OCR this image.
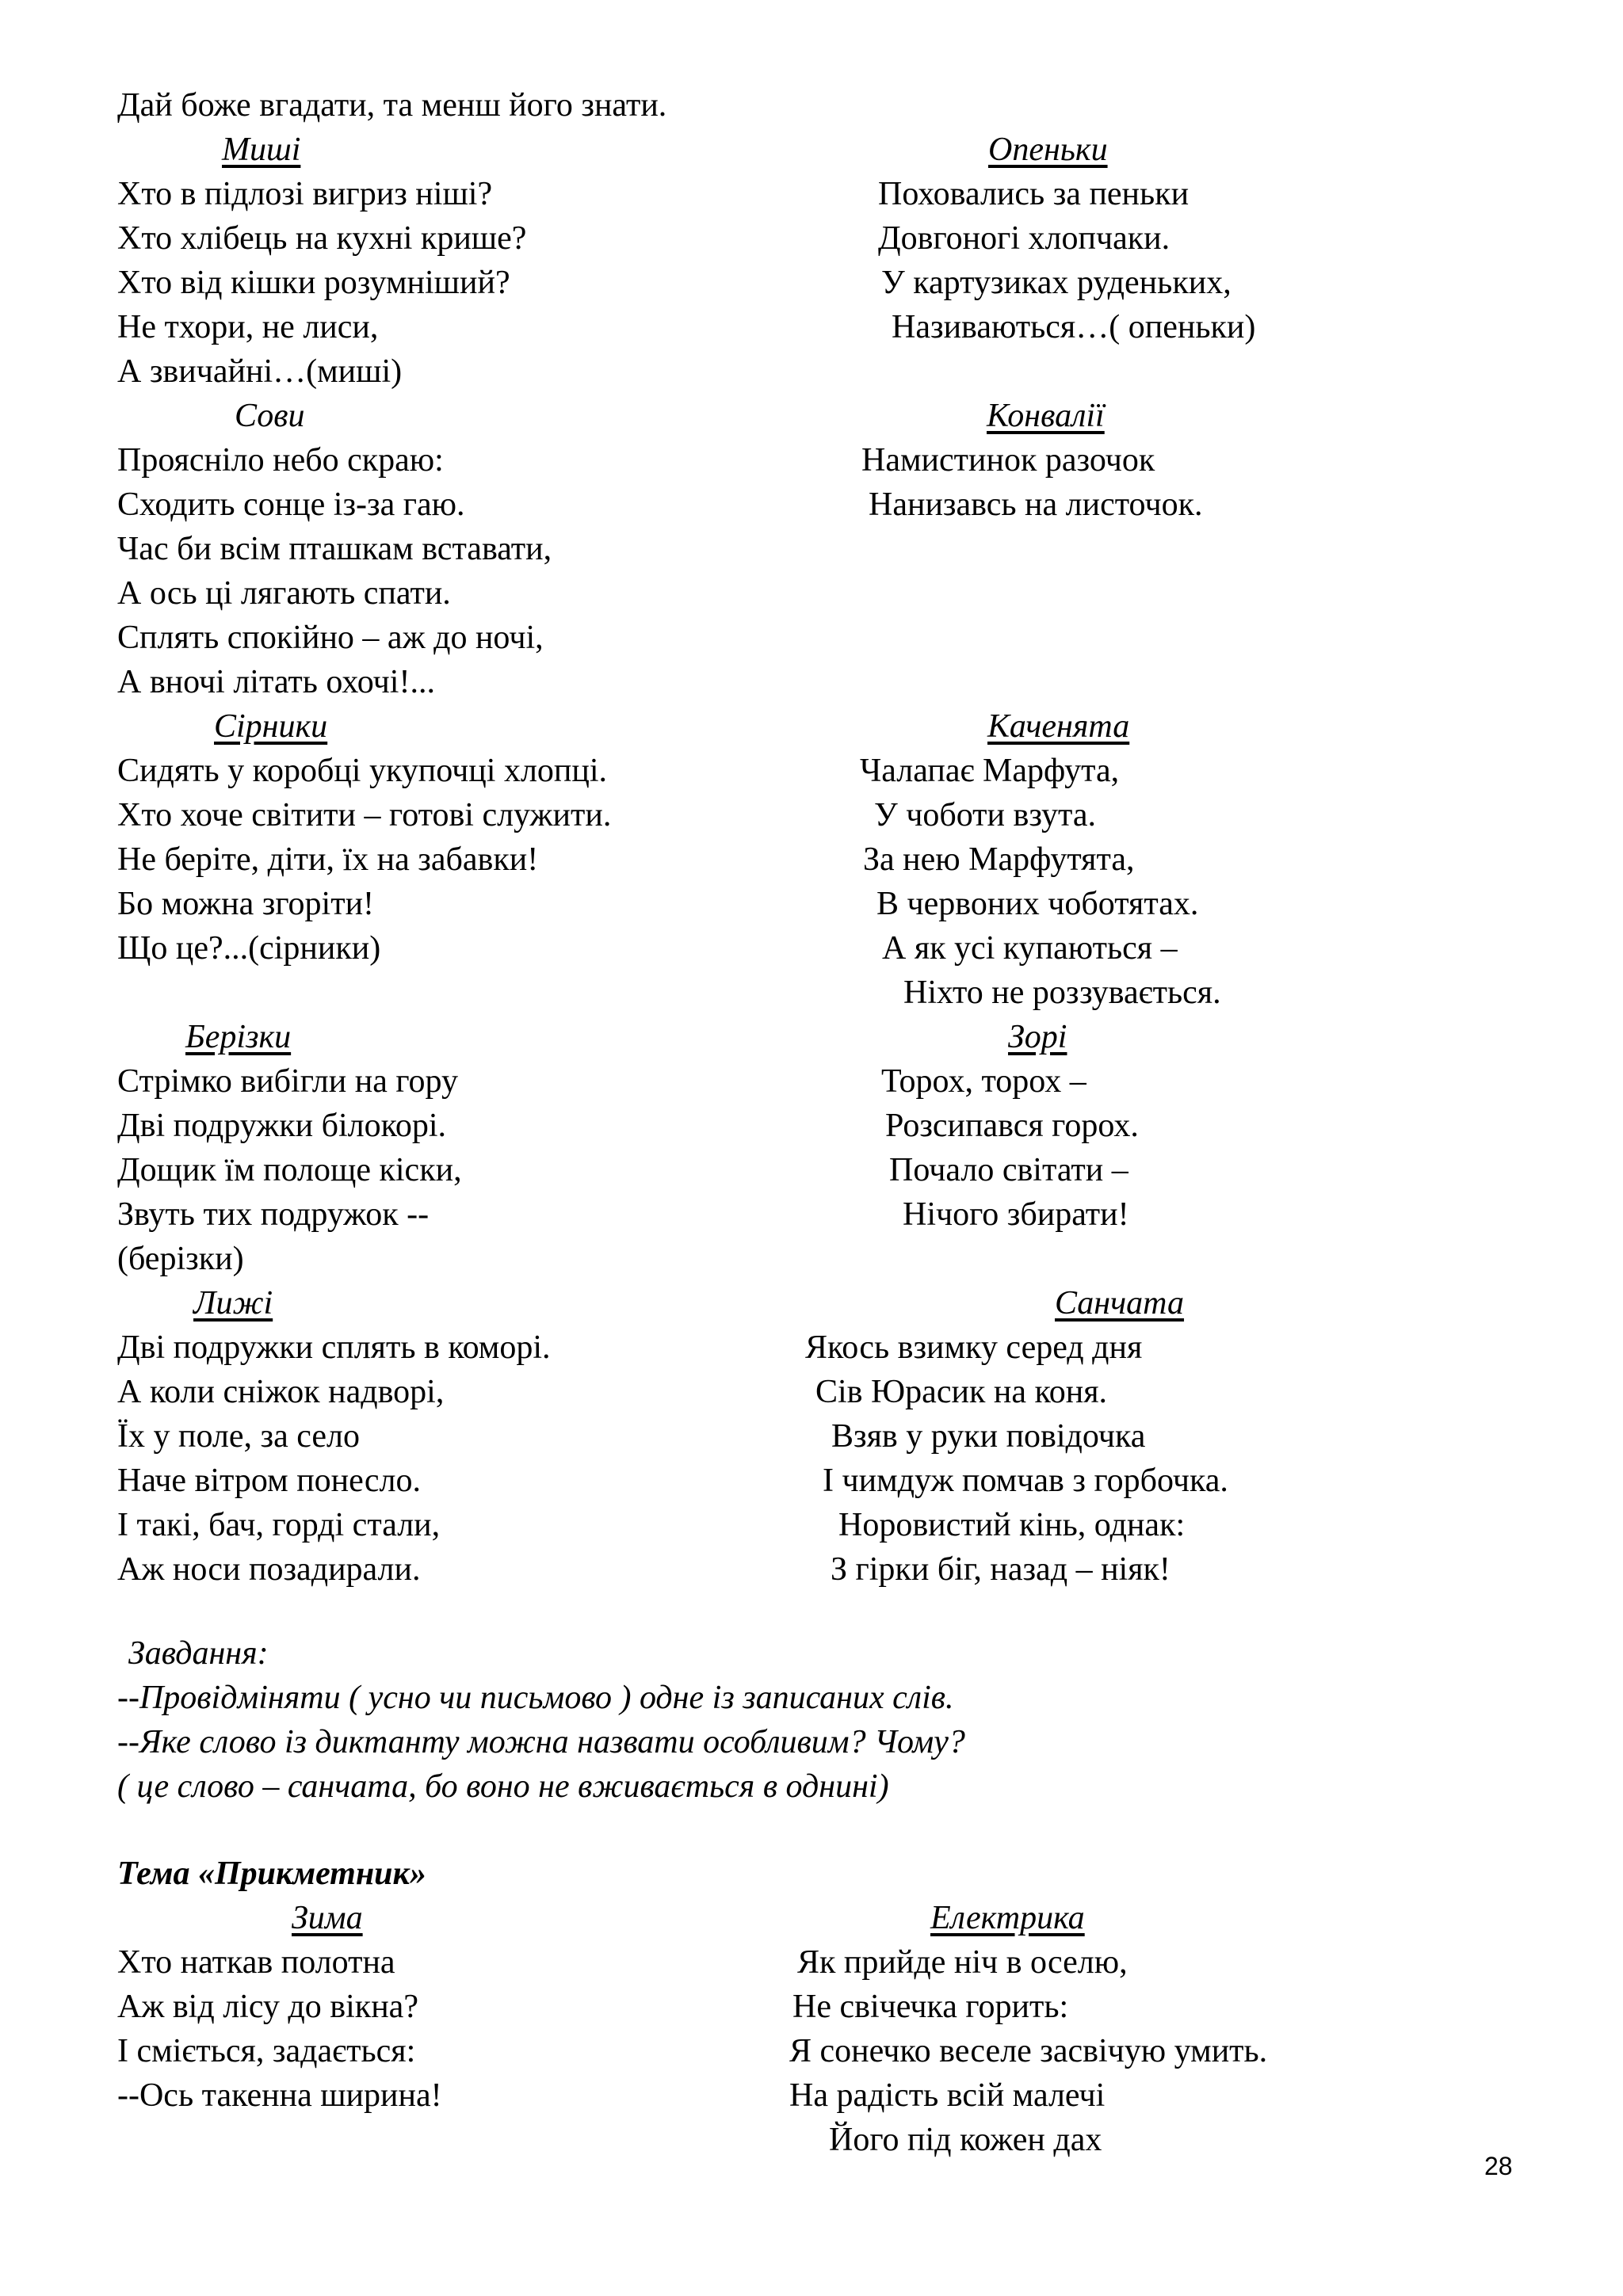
Дай боже вгадати, та менш його знати.
Миші
Хто в підлозі вигриз ніші?
Хто хлібець на кухні крише?
Хто від кішки розумніший?
Не тхори, не лиси,
А звичайні…(миші)
Опеньки
Поховались за пеньки
Довгоногі хлопчаки.
У картузиках руденьких,
Називаються…( опеньки)
Сови
Прояснiло небо скраю:
Сходить сонце із-за гаю.
Час би всім пташкам вставати,
А ось ці лягають спати.
Сплять спокійно – аж до ночі,
А вночі літать охочі!...
Конвалії
Намистинок разочок
Нанизавсь на листочок.
Сірники
Сидять у коробці укупочці хлопці.
Хто хоче світити – готові служити.
Не беріте, діти, їх на забавки!
Бо можна згоріти!
Що це?...(сірники)
Каченята
Чалапає Марфута,
У чоботи взута.
За нею Марфутята,
В червоних чоботятах.
А як усі купаються –
Ніхто не роззувається.
Берізки
Стрімко вибігли на гору
Дві подружки білокорі.
Дощик їм полоще кіски,
Звуть тих подружок --
(берізки)
Зорі
Торох, торох –
Розсипався горох.
Почало світати –
Нічого збирати!
Лижі
Дві подружки сплять в коморі.
А коли сніжок надворі,
Їх у поле, за село
Наче вітром понесло.
І такі, бач, горді стали,
Аж носи позадирали.
Санчата
Якось взимку серед дня
Сів Юрасик на коня.
Взяв у руки повідочка
І чимдуж помчав з горбочка.
Норовистий кінь, однак:
З гірки біг, назад – ніяк!
Завдання:
--Провідміняти ( усно чи письмово ) одне із записаних слів.
--Яке слово із диктанту можна назвати особливим? Чому?
( це слово – санчата, бо воно не вживається в однині)
Тема «Прикметник»
Зима
Хто наткав полотна
Аж від лісу до вікна?
І сміється, задається:
--Ось такенна ширина!
Електрика
Як прийде ніч в оселю,
Не свічечка горить:
Я сонечко веселе засвічую умить.
На радість всій малечі
Його під кожен дах
28
